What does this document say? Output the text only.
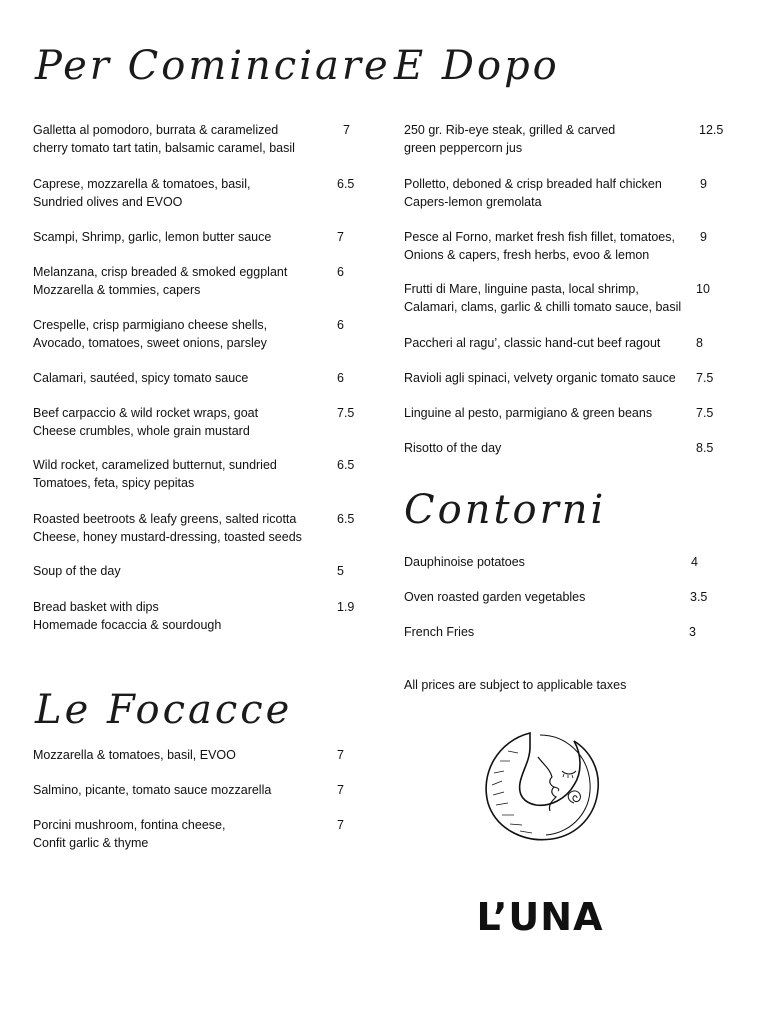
Per Cominciare
Galletta al pomodoro, burrata & caramelized
cherry tomato tart tatin, balsamic caramel, basil
7
Caprese, mozzarella & tomatoes, basil,
Sundried olives and EVOO
6.5
Scampi, Shrimp, garlic, lemon butter sauce	7
Melanzana, crisp breaded & smoked eggplant
Mozzarella & tommies, capers
6
Crespelle, crisp parmigiano cheese shells,
Avocado, tomatoes, sweet onions, parsley
6
Calamari, sautéed, spicy tomato sauce	6
Beef carpaccio & wild rocket wraps, goat
Cheese crumbles, whole grain mustard
7.5
Wild rocket, caramelized butternut, sundried
Tomatoes, feta, spicy pepitas
6.5
Roasted beetroots & leafy greens, salted ricotta
Cheese, honey mustard-dressing, toasted seeds
6.5
Soup of the day	5
Bread basket with dips
Homemade focaccia & sourdough
1.9
Le Focacce
Mozzarella & tomatoes, basil, EVOO	7
Salmino, picante, tomato sauce mozzarella	7
Porcini mushroom, fontina cheese,
Confit garlic & thyme
7
E Dopo
250 gr. Rib-eye steak, grilled & carved
green peppercorn jus
12.5
Polletto, deboned & crisp breaded half chicken
Capers-lemon gremolata
9
Pesce al Forno, market fresh fish fillet, tomatoes,
Onions & capers, fresh herbs, evoo & lemon
9
Frutti di Mare, linguine pasta, local shrimp,
Calamari, clams, garlic & chilli tomato sauce, basil
10
Paccheri al ragu’, classic hand-cut beef ragout	8
Ravioli agli spinaci, velvety organic tomato sauce 7.5
Linguine al pesto, parmigiano & green beans	7.5
Risotto of the day	8.5
Contorni
Dauphinoise potatoes	4
Oven roasted garden vegetables	3.5
French Fries	3
All prices are subject to applicable taxes
L’UNA
